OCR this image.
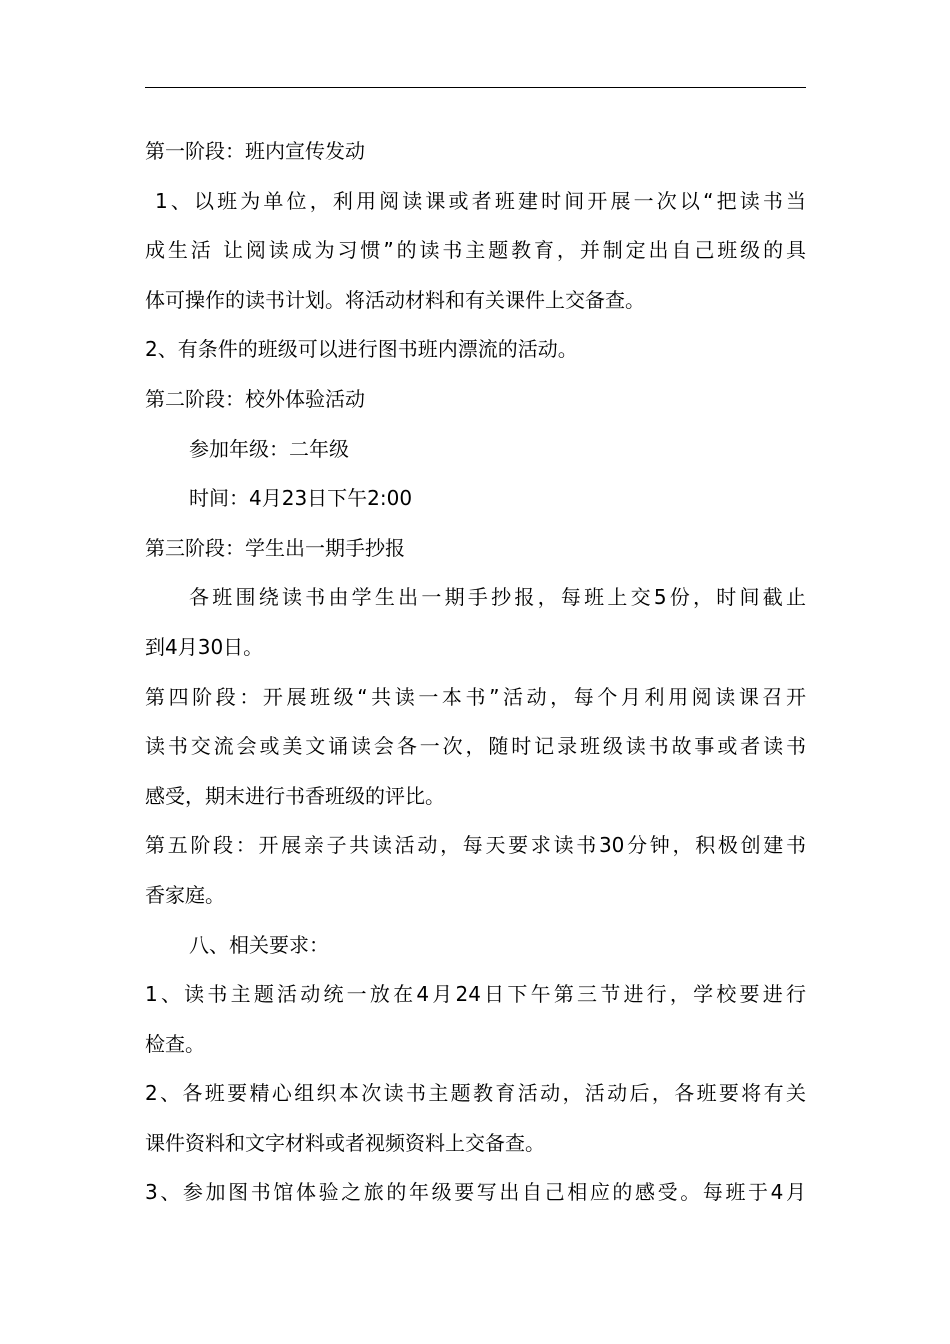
第一阶段：班内宣传发动
1、以班为单位，利用阅读课或者班建时间开展一次以“把读书当
成生活 让阅读成为习惯”的读书主题教育，并制定出自己班级的具
体可操作的读书计划。将活动材料和有关课件上交备查。
2、有条件的班级可以进行图书班内漂流的活动。
第二阶段：校外体验活动
参加年级：二年级
时间：4月23日下午2:00
第三阶段：学生出一期手抄报
各班围绕读书由学生出一期手抄报，每班上交5份，时间截止
到4月30日。
第四阶段：开展班级“共读一本书”活动，每个月利用阅读课召开
读书交流会或美文诵读会各一次，随时记录班级读书故事或者读书
感受，期末进行书香班级的评比。
第五阶段：开展亲子共读活动，每天要求读书30分钟，积极创建书
香家庭。
八、相关要求：
1、读书主题活动统一放在4月24日下午第三节进行，学校要进行
检查。
2、各班要精心组织本次读书主题教育活动，活动后，各班要将有关
课件资料和文字材料或者视频资料上交备查。
3、参加图书馆体验之旅的年级要写出自己相应的感受。每班于4月
